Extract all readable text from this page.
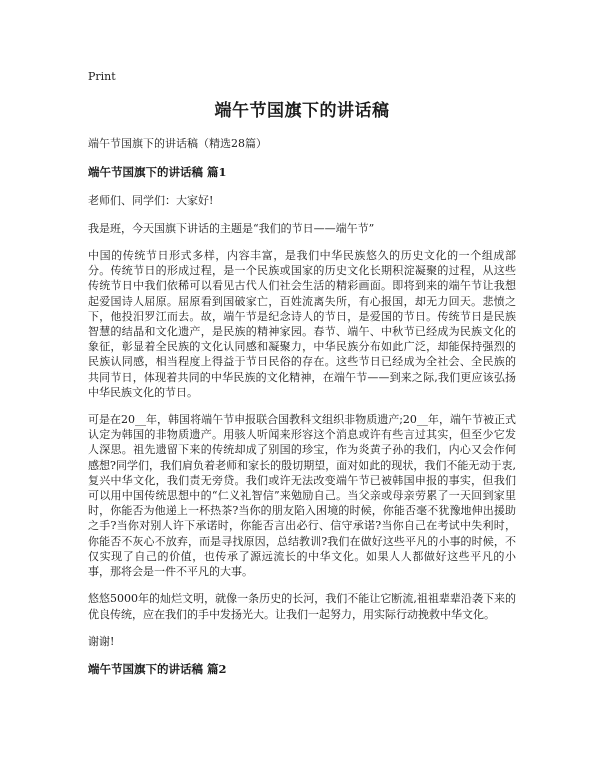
Print
端午节国旗下的讲话稿
端午节国旗下的讲话稿（精选28篇）
端午节国旗下的讲话稿 篇1

老师们、同学们：大家好!

我是班，今天国旗下讲话的主题是“我们的节日——端午节”

中国的传统节日形式多样，内容丰富，是我们中华民族悠久的历史文化的一个组成部分。传统节日的形成过程，是一个民族或国家的历史文化长期积淀凝聚的过程，从这些传统节日中我们依稀可以看见古代人们社会生活的精彩画面。即将到来的端午节让我想起爱国诗人屈原。屈原看到国破家亡，百姓流离失所，有心报国，却无力回天。悲愤之下，他投汨罗江而去。故，端午节是纪念诗人的节日，是爱国的节日。传统节日是民族智慧的结晶和文化遗产，是民族的精神家园。春节、端午、中秋节已经成为民族文化的象征，彰显着全民族的文化认同感和凝聚力，中华民族分布如此广泛，却能保持强烈的民族认同感，相当程度上得益于节日民俗的存在。这些节日已经成为全社会、全民族的共同节日，体现着共同的中华民族的文化精神，在端午节——到来之际,我们更应该弘扬中华民族文化的节日。

可是在20__年，韩国将端午节申报联合国教科文组织非物质遗产;20__年，端午节被正式认定为韩国的非物质遗产。用骇人听闻来形容这个消息或许有些言过其实，但至少它发人深思。祖先遗留下来的传统却成了别国的珍宝，作为炎黄子孙的我们，内心又会作何感想?同学们，我们肩负着老师和家长的殷切期望，面对如此的现状，我们不能无动于衷,复兴中华文化，我们责无旁贷。我们或许无法改变端午节已被韩国申报的事实，但我们可以用中国传统思想中的“仁义礼智信”来勉励自己。当父亲或母亲劳累了一天回到家里时，你能否为他递上一杯热茶?当你的朋友陷入困境的时候，你能否毫不犹豫地伸出援助之手?当你对别人许下承诺时，你能否言出必行、信守承诺?当你自己在考试中失利时，你能否不灰心不放弃，而是寻找原因，总结教训?我们在做好这些平凡的小事的时候，不仅实现了自己的价值，也传承了源远流长的中华文化。如果人人都做好这些平凡的小事，那将会是一件不平凡的大事。

悠悠5000年的灿烂文明，就像一条历史的长河，我们不能让它断流,祖祖辈辈沿袭下来的优良传统，应在我们的手中发扬光大。让我们一起努力，用实际行动挽救中华文化。

谢谢!

端午节国旗下的讲话稿 篇2
